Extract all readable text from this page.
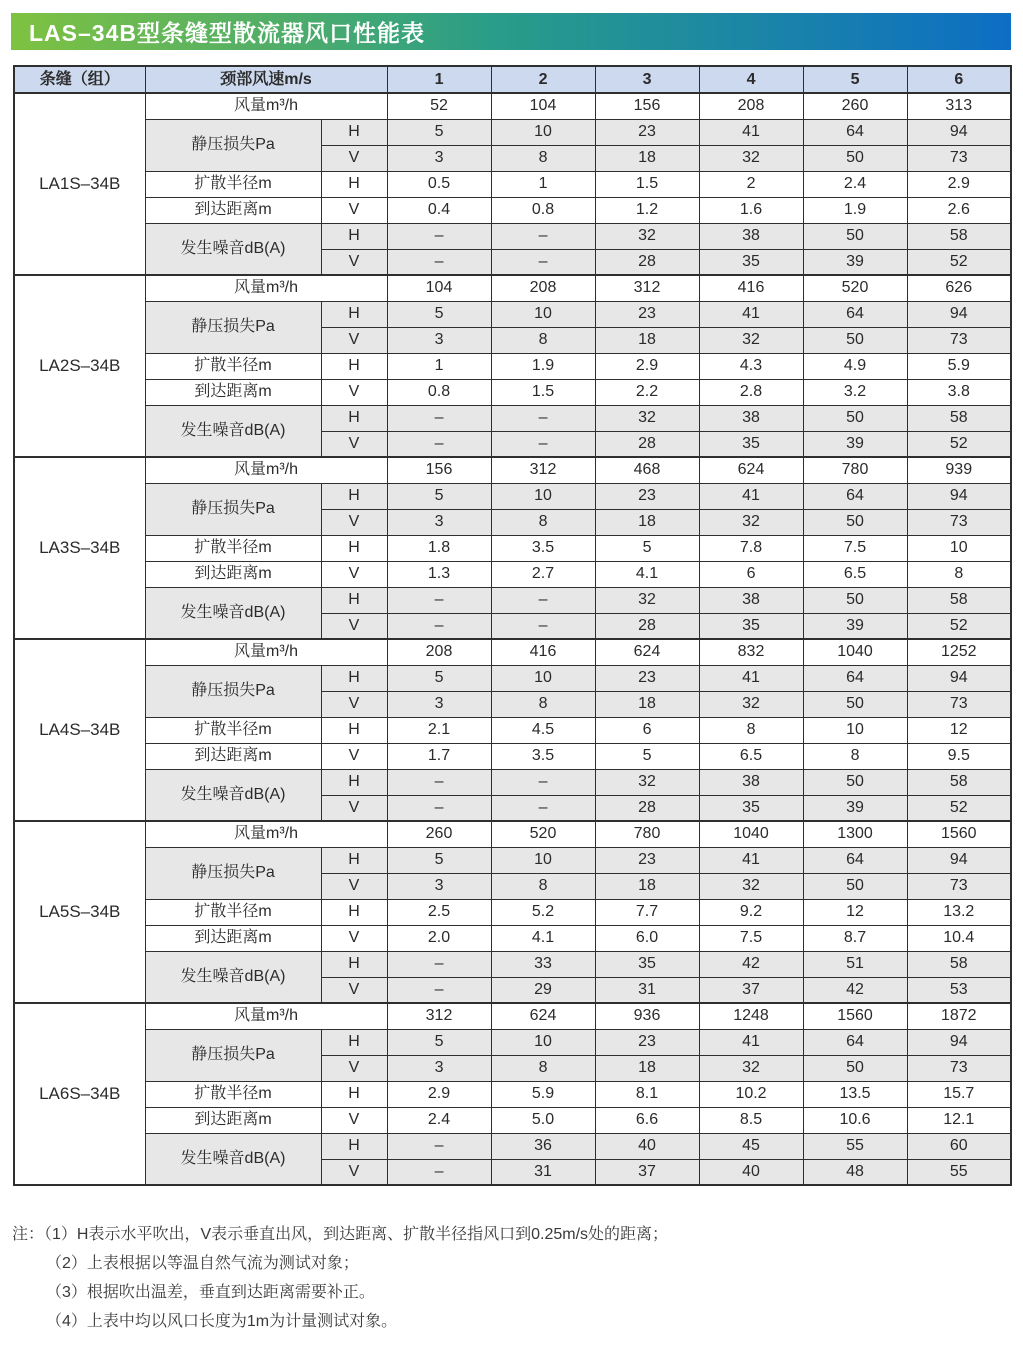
LAS–34B型条缝型散流器风口性能表
条缝（组）	颈部风速m/s		1	2	3	4	5	6
LA1S–34B	风量m³/h		52	104	156	208	260	313
	静压损失Pa	H	5	10	23	41	64	94
		V	3	8	18	32	50	73
	扩散半径m	H	0.5	1	1.5	2	2.4	2.9
	到达距离m	V	0.4	0.8	1.2	1.6	1.9	2.6
	发生噪音dB(A)	H	–	–	32	38	50	58
		V	–	–	28	35	39	52
LA2S–34B	风量m³/h		104	208	312	416	520	626
	静压损失Pa	H	5	10	23	41	64	94
		V	3	8	18	32	50	73
	扩散半径m	H	1	1.9	2.9	4.3	4.9	5.9
	到达距离m	V	0.8	1.5	2.2	2.8	3.2	3.8
	发生噪音dB(A)	H	–	–	32	38	50	58
		V	–	–	28	35	39	52
LA3S–34B	风量m³/h		156	312	468	624	780	939
	静压损失Pa	H	5	10	23	41	64	94
		V	3	8	18	32	50	73
	扩散半径m	H	1.8	3.5	5	7.8	7.5	10
	到达距离m	V	1.3	2.7	4.1	6	6.5	8
	发生噪音dB(A)	H	–	–	32	38	50	58
		V	–	–	28	35	39	52
LA4S–34B	风量m³/h		208	416	624	832	1040	1252
	静压损失Pa	H	5	10	23	41	64	94
		V	3	8	18	32	50	73
	扩散半径m	H	2.1	4.5	6	8	10	12
	到达距离m	V	1.7	3.5	5	6.5	8	9.5
	发生噪音dB(A)	H	–	–	32	38	50	58
		V	–	–	28	35	39	52
LA5S–34B	风量m³/h		260	520	780	1040	1300	1560
	静压损失Pa	H	5	10	23	41	64	94
		V	3	8	18	32	50	73
	扩散半径m	H	2.5	5.2	7.7	9.2	12	13.2
	到达距离m	V	2.0	4.1	6.0	7.5	8.7	10.4
	发生噪音dB(A)	H	–	33	35	42	51	58
		V	–	29	31	37	42	53
LA6S–34B	风量m³/h		312	624	936	1248	1560	1872
	静压损失Pa	H	5	10	23	41	64	94
		V	3	8	18	32	50	73
	扩散半径m	H	2.9	5.9	8.1	10.2	13.5	15.7
	到达距离m	V	2.4	5.0	6.6	8.5	10.6	12.1
	发生噪音dB(A)	H	–	36	40	45	55	60
		V	–	31	37	40	48	55
注：（1）H表示水平吹出，V表示垂直出风，到达距离、扩散半径指风口到0.25m/s处的距离；
（2）上表根据以等温自然气流为测试对象；
（3）根据吹出温差，垂直到达距离需要补正。
（4）上表中均以风口长度为1m为计量测试对象。
